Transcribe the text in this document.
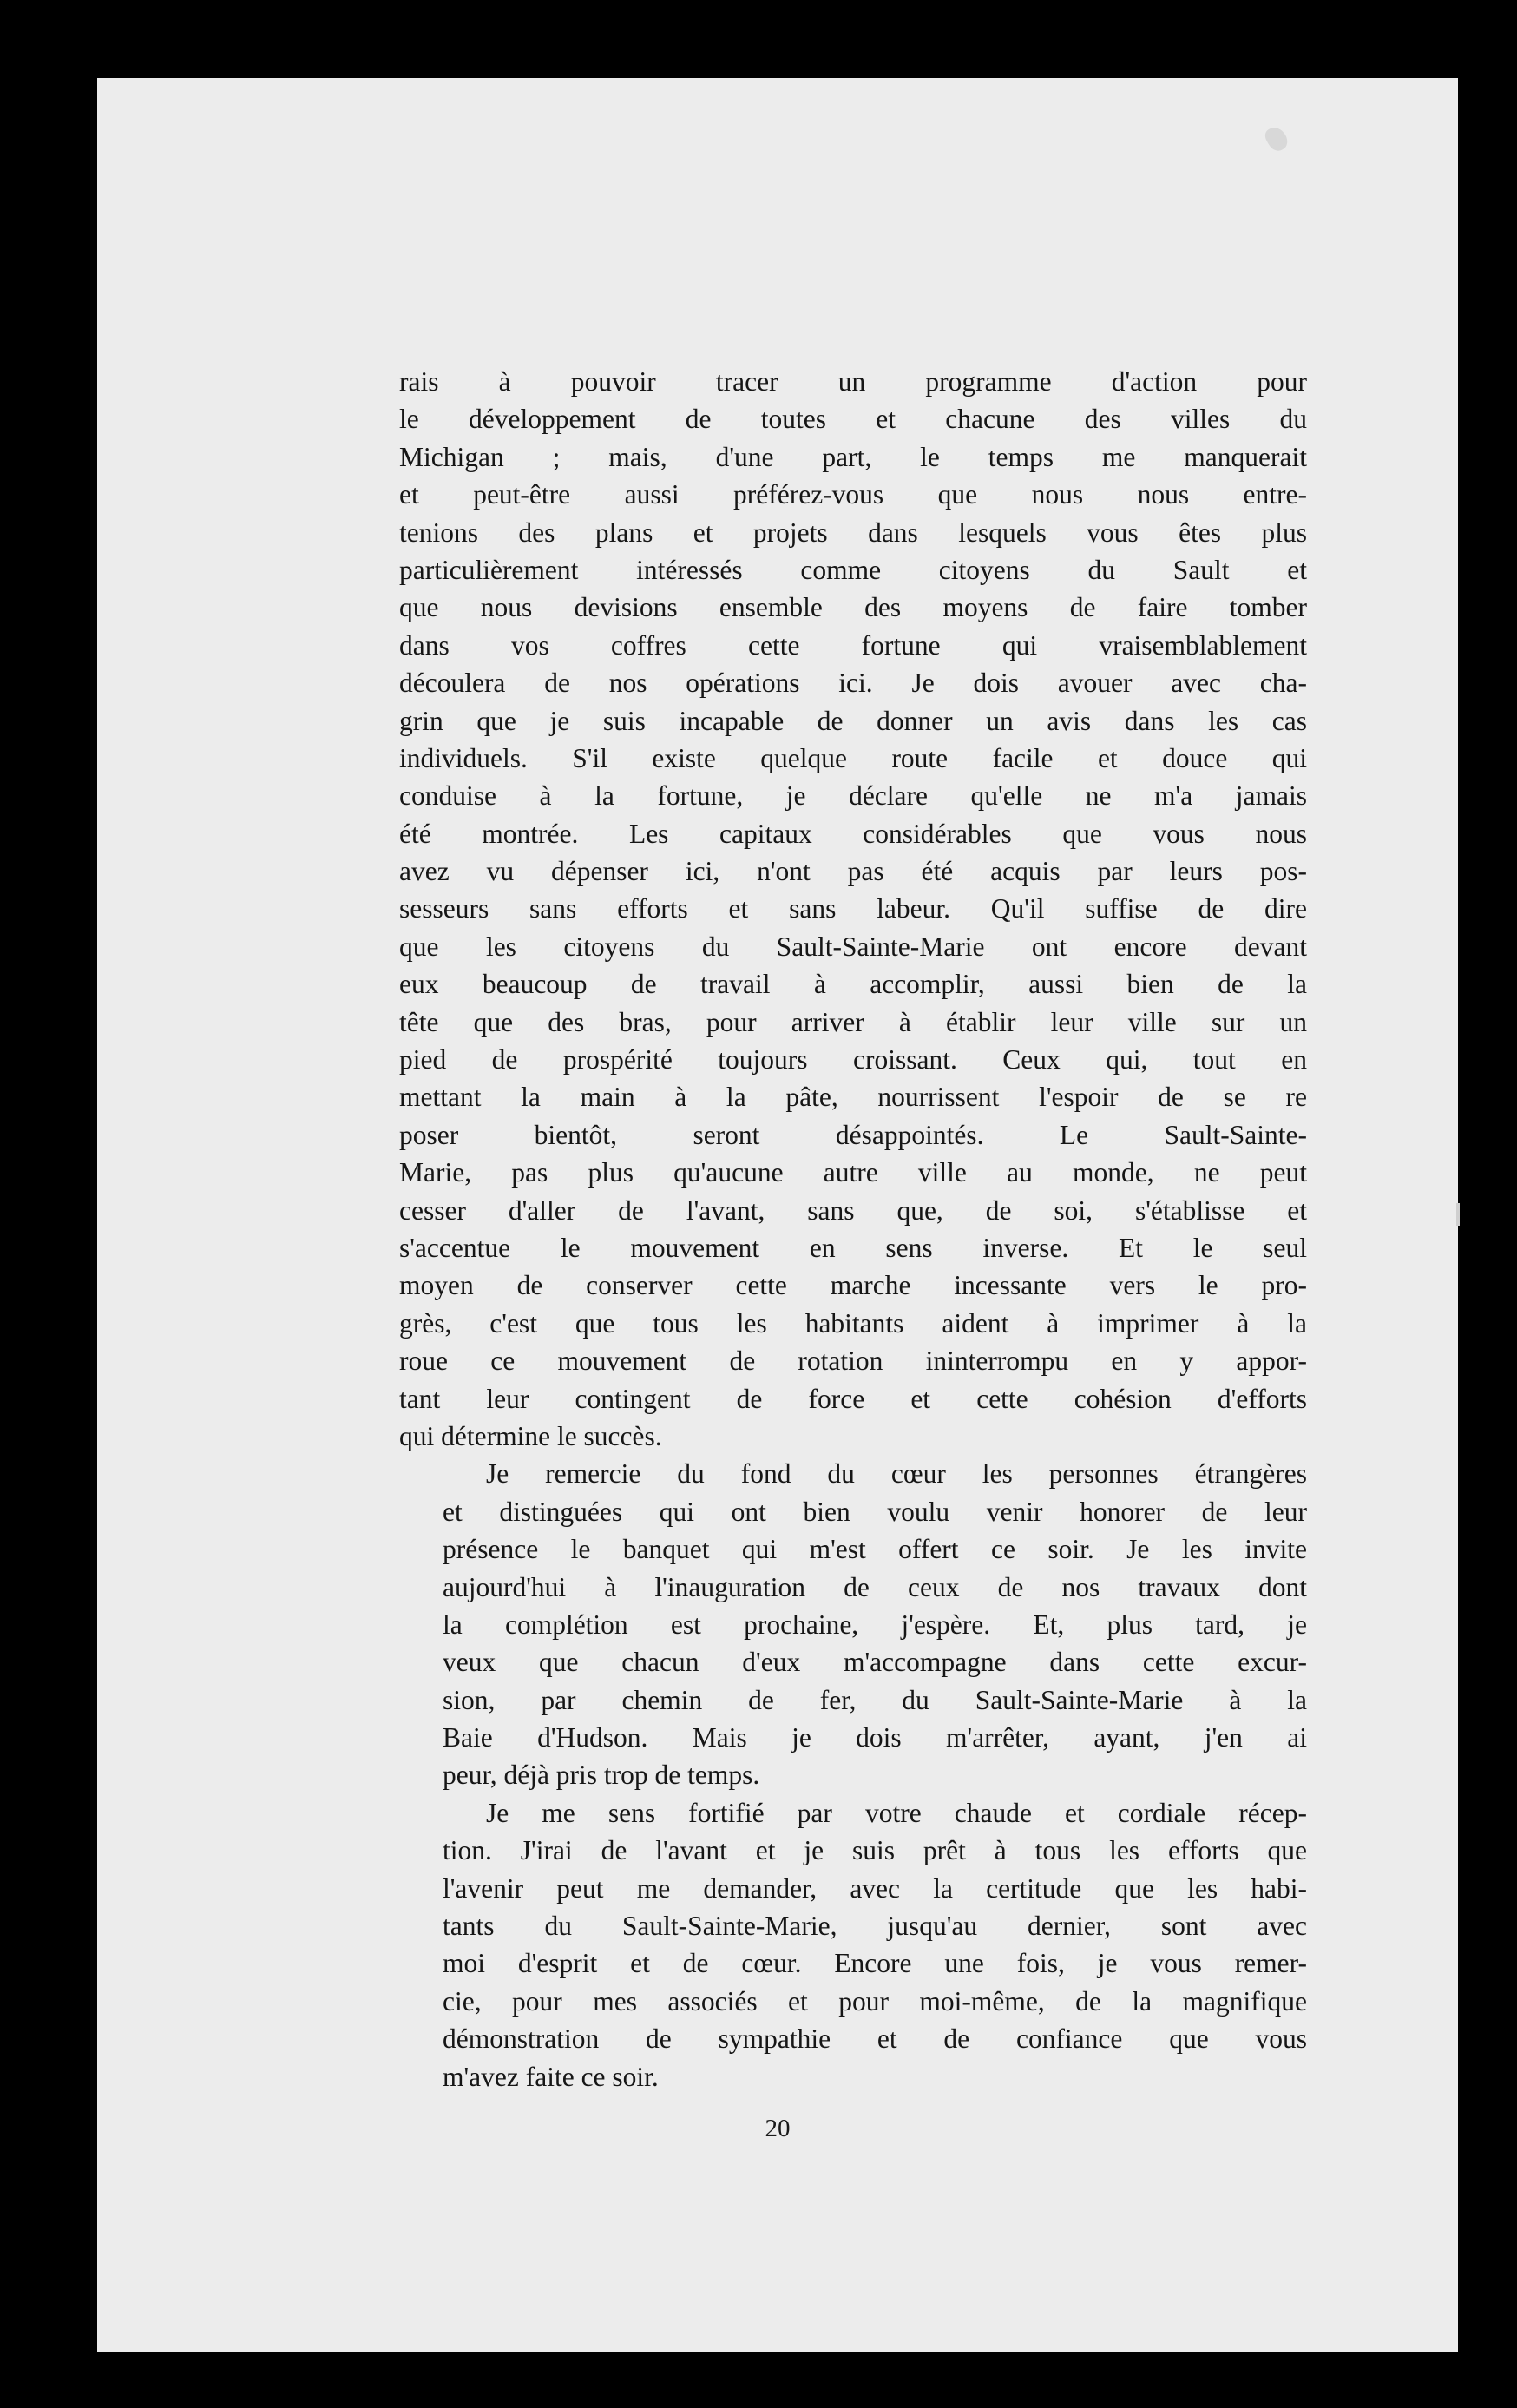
rais à pouvoir tracer un programme d'action pour
le développement de toutes et chacune des villes du
Michigan ; mais, d'une part, le temps me manquerait
et peut-être aussi préférez-vous que nous nous entre-
tenions des plans et projets dans lesquels vous êtes plus
particulièrement intéressés comme citoyens du Sault et
que nous devisions ensemble des moyens de faire tomber
dans vos coffres cette fortune qui vraisemblablement
découlera de nos opérations ici. Je dois avouer avec cha-
grin que je suis incapable de donner un avis dans les cas
individuels. S'il existe quelque route facile et douce qui
conduise à la fortune, je déclare qu'elle ne m'a jamais
été montrée. Les capitaux considérables que vous nous
avez vu dépenser ici, n'ont pas été acquis par leurs pos-
sesseurs sans efforts et sans labeur. Qu'il suffise de dire
que les citoyens du Sault-Sainte-Marie ont encore devant
eux beaucoup de travail à accomplir, aussi bien de la
tête que des bras, pour arriver à établir leur ville sur un
pied de prospérité toujours croissant. Ceux qui, tout en
mettant la main à la pâte, nourrissent l'espoir de se re
poser bientôt, seront désappointés. Le Sault-Sainte-
Marie, pas plus qu'aucune autre ville au monde, ne peut
cesser d'aller de l'avant, sans que, de soi, s'établisse et
s'accentue le mouvement en sens inverse. Et le seul
moyen de conserver cette marche incessante vers le pro-
grès, c'est que tous les habitants aident à imprimer à la
roue ce mouvement de rotation ininterrompu en y appor-
tant leur contingent de force et cette cohésion d'efforts
qui détermine le succès.
Je remercie du fond du cœur les personnes étrangères
et distinguées qui ont bien voulu venir honorer de leur
présence le banquet qui m'est offert ce soir. Je les invite
aujourd'hui à l'inauguration de ceux de nos travaux dont
la complétion est prochaine, j'espère. Et, plus tard, je
veux que chacun d'eux m'accompagne dans cette excur-
sion, par chemin de fer, du Sault-Sainte-Marie à la
Baie d'Hudson. Mais je dois m'arrêter, ayant, j'en ai
peur, déjà pris trop de temps.
Je me sens fortifié par votre chaude et cordiale récep-
tion. J'irai de l'avant et je suis prêt à tous les efforts que
l'avenir peut me demander, avec la certitude que les habi-
tants du Sault-Sainte-Marie, jusqu'au dernier, sont avec
moi d'esprit et de cœur. Encore une fois, je vous remer-
cie, pour mes associés et pour moi-même, de la magnifique
démonstration de sympathie et de confiance que vous
m'avez faite ce soir.
20
